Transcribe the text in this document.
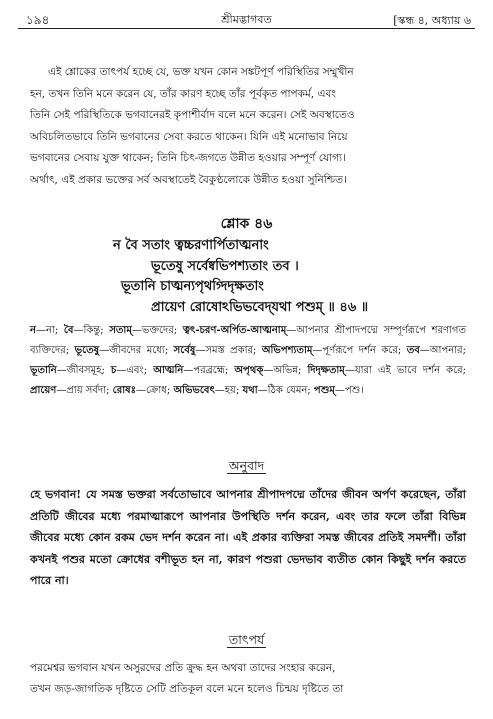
১৯৪	শ্রীমদ্ভাগবত	[স্কন্ধ ৪, অধ্যায় ৬

এই শ্লোকের তাৎপর্য হচ্ছে যে, ভক্ত যখন কোন সঙ্কটপূর্ণ পরিস্থিতির সম্মুখীন

হন, তখন তিনি মনে করেন যে, তাঁর কারণ হচ্ছে তাঁর পূর্বকৃত পাপকর্ম, এবং

তিনি সেই পরিস্থিতিকে ভগবানেরই কৃপাশীর্বাদ বলে মনে করেন। সেই অবস্থাতেও

অবিচলিতভাবে তিনি ভগবানের সেবা করতে থাকেন। যিনি এই মনোভাব নিয়ে

ভগবানের সেবায় যুক্ত থাকেন; তিনি চিৎ-জগতে উন্নীত হওয়ার সম্পূর্ণ যোগ্য।

অর্থাৎ, এই প্রকার ভক্তের সর্ব অবস্থাতেই বৈকুণ্ঠলোকে উন্নীত হওয়া সুনিশ্চিত।

শ্লোক ৪৬
ন বৈ সতাং ত্বচ্চরণার্পিতাত্মনাং
ভূতেষু সর্বেষ্বভিপশ্যতাং তব ।
ভূতানি চাত্মন্যপৃথগ্দিদৃক্ষতাং
প্রায়েণ রোষোঽভিভবেদ্‌যথা পশুম্ ॥ ৪৬ ॥
ন—না; বৈ—কিন্তু; সতাম্—ভক্তদের; ত্বৎ-চরণ-অর্পিত-আত্মনাম্—আপনার শ্রীপাদপদ্মে সম্পূর্ণরূপে শরণাগত ব্যক্তিদের; ভূতেষু—জীবদের মধ্যে; সর্বেষু—সমস্ত প্রকার; অভিপশ্যতাম্—পূর্ণরূপে দর্শন করে; তব—আপনার; ভূতানি—জীবসমূহ; চ—এবং; আত্মনি—পরব্রহ্মে; অপৃথক্—অভিন্ন; দিদৃক্ষতাম্—যারা এই ভাবে দর্শন করে; প্রায়েণ—প্রায় সর্বদা; রোষঃ—ক্রোধ; অভিভবেৎ—হয়; যথা—ঠিক যেমন; পশুম্—পশু।
অনুবাদ
হে ভগবান! যে সমস্ত ভক্তরা সর্বতোভাবে আপনার শ্রীপাদপদ্মে তাঁদের জীবন অর্পণ করেছেন, তাঁরা প্রতিটি জীবের মধ্যে পরমাত্মারূপে আপনার উপস্থিতি দর্শন করেন, এবং তার ফলে তাঁরা বিভিন্ন জীবের মধ্যে কোন রকম ভেদ দর্শন করেন না। এই প্রকার ব্যক্তিরা সমস্ত জীবের প্রতিই সমদর্শী। তাঁরা কখনই পশুর মতো ক্রোধের বশীভূত হন না, কারণ পশুরা ভেদভাব ব্যতীত কোন কিছুই দর্শন করতে পারে না।
তাৎপর্য
পরমেশ্বর ভগবান যখন অসুরদের প্রতি ক্রুদ্ধ হন অথবা তাদের সংহার করেন,
তখন জড়-জাগতিক দৃষ্টিতে সেটি প্রতিকূল বলে মনে হলেও চিন্ময় দৃষ্টিতে তা
